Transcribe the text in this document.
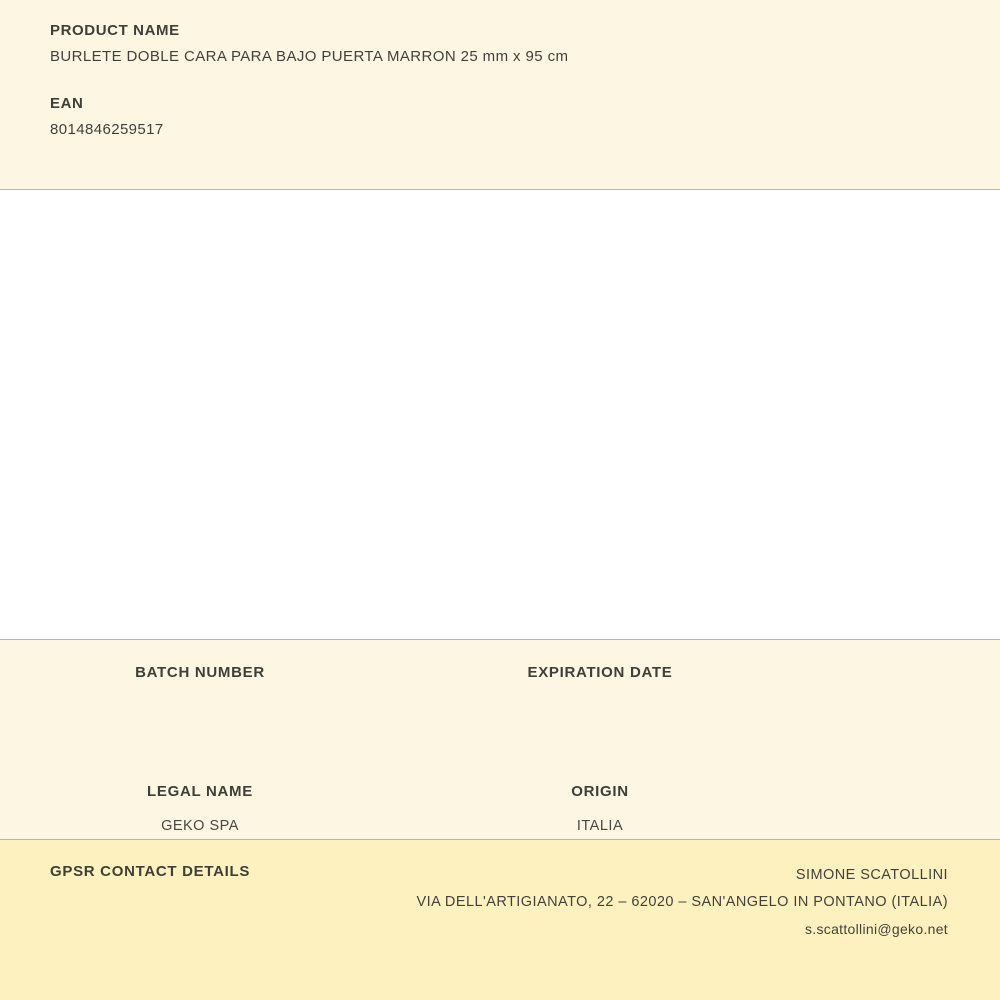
PRODUCT NAME

BURLETE DOBLE CARA PARA BAJO PUERTA MARRON 25 mm x 95 cm

EAN

8014846259517

BATCH NUMBER	EXPIRATION DATE

LEGAL NAME

GEKO SPA

ORIGIN

ITALIA

GPSR CONTACT DETAILS	SIMONE SCATOLLINI
VIA DELL'ARTIGIANATO, 22 – 62020 – SAN'ANGELO IN PONTANO (ITALIA)
s.scattollini@geko.net
